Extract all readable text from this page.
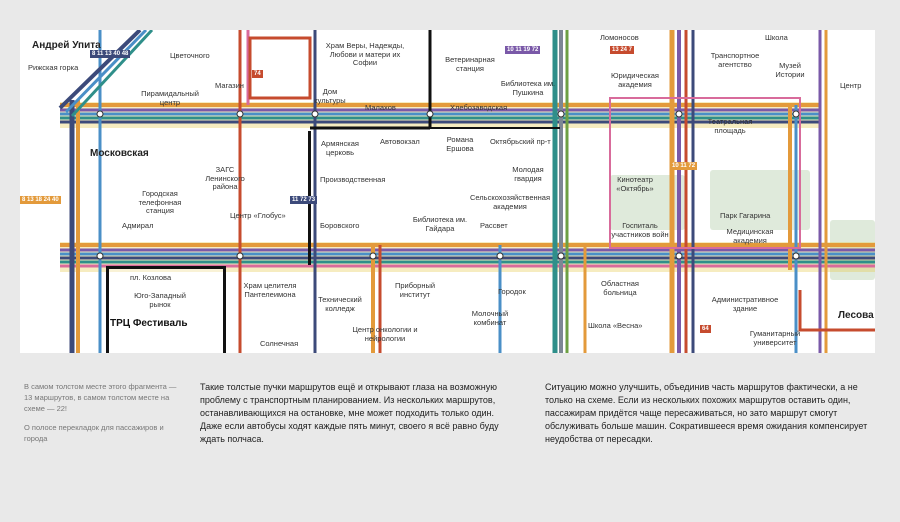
8 11 13 40 48
10 11 19 72	13 24 7
8 13 18 24 40	11 72 73
10 11 72
74
64
Андрей Упита
Рижская горка
Цветочного
Пирамидальный центр
Магазин
Храм Веры, Надежды, Любови и матери их Софии	Ветеринарная станция
Библиотека им. Пушкина
Ломоносов
Юридическая академия
Транспортное агентство	Музей Истории
Школа
Центр
Московская
Городская телефонная станция
Адмирал
ЗАГС Ленинского района
Дом культуры
Малахов	Хлебозаводская
Армянская церковь
Автовокзал	Романа Ершова
Октябрьский пр-т
Молодая гвардия
Театральная площадь
Производственная
Сельскохозяйственная академия
Кинотеатр «Октябрь»
Парк Гагарина
Медицинская академия
Центр «Глобус»
Боровского
Библиотека им. Гайдара	Рассвет	Госпиталь участников войн
пл. Козлова
Юго-Западный рынок
Храм целителя Пантелеимона
Технический колледж
Приборный институт
Молочный комбинат
Городок
Областная больница
Административное здание
Гуманитарный университет
Лесова
ТРЦ Фестиваль
Солнечная
Центр онкологии и нейрологии
Школа «Весна»
В самом толстом месте этого фрагмента — 13 маршрутов, в самом толстом месте на схеме — 22!
О полосе перекладок для пассажиров и города
Такие толстые пучки маршрутов ещё и открывают глаза на возможную проблему с транспортным планированием. Из нескольких маршрутов, останавливающихся на остановке, мне может подходить только один. Даже если автобусы ходят каждые пять минут, своего я всё равно буду ждать полчаса.
Ситуацию можно улучшить, объединив часть маршрутов фактически, а не только на схеме. Если из нескольких похожих маршрутов оставить один, пассажирам придётся чаще пересаживаться, но зато маршрут смогут обслуживать больше машин. Сократившееся время ожидания компенсирует неудобства от пересадки.
